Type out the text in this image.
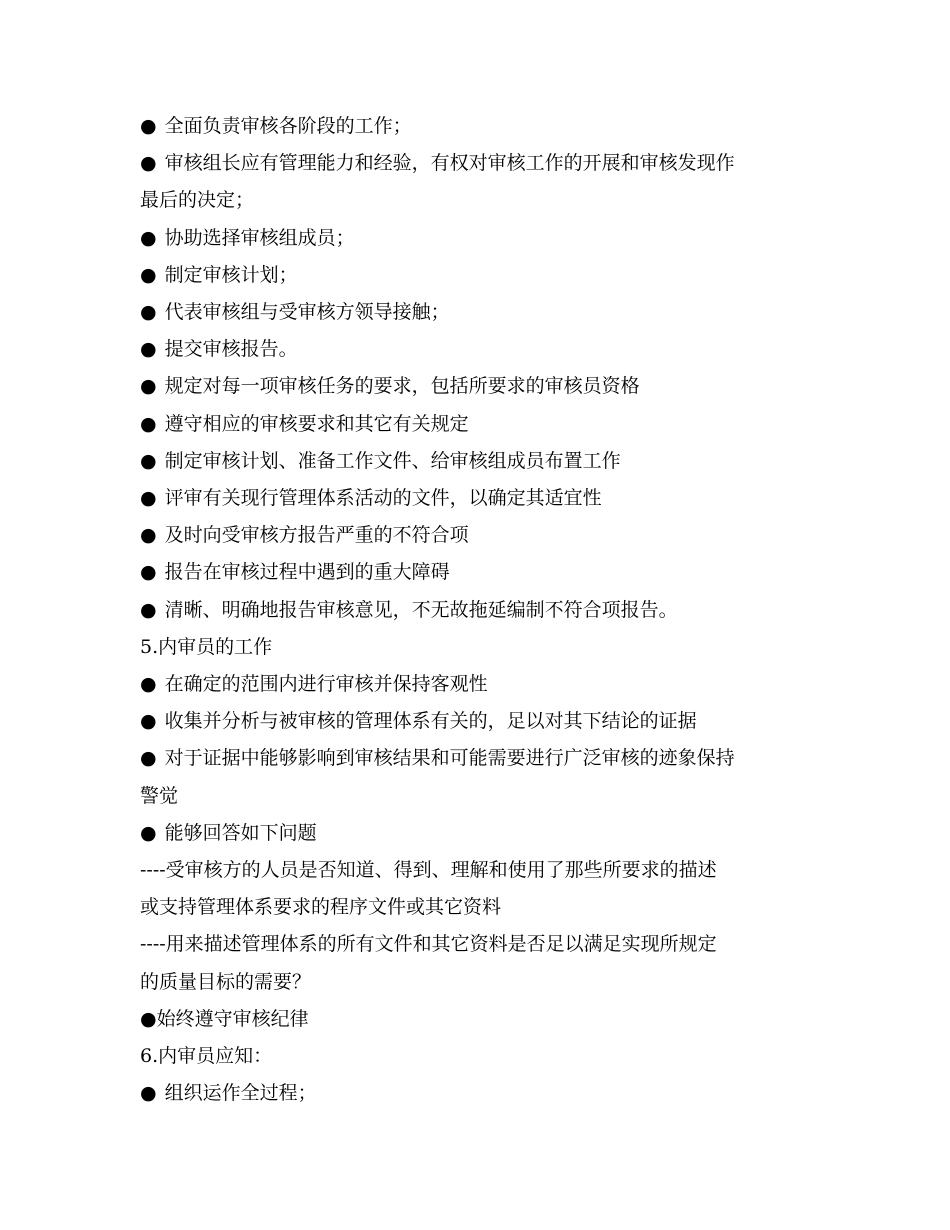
● 全面负责审核各阶段的工作；
● 审核组长应有管理能力和经验，有权对审核工作的开展和审核发现作
最后的决定；
● 协助选择审核组成员；
● 制定审核计划；
● 代表审核组与受审核方领导接触；
● 提交审核报告。
● 规定对每一项审核任务的要求，包括所要求的审核员资格
● 遵守相应的审核要求和其它有关规定
● 制定审核计划、准备工作文件、给审核组成员布置工作
● 评审有关现行管理体系活动的文件，以确定其适宜性
● 及时向受审核方报告严重的不符合项
● 报告在审核过程中遇到的重大障碍
● 清晰、明确地报告审核意见，不无故拖延编制不符合项报告。
5.内审员的工作
● 在确定的范围内进行审核并保持客观性
● 收集并分析与被审核的管理体系有关的，足以对其下结论的证据
● 对于证据中能够影响到审核结果和可能需要进行广泛审核的迹象保持
警觉
● 能够回答如下问题
----受审核方的人员是否知道、得到、理解和使用了那些所要求的描述
或支持管理体系要求的程序文件或其它资料
----用来描述管理体系的所有文件和其它资料是否足以满足实现所规定
的质量目标的需要？
●始终遵守审核纪律
6.内审员应知：
● 组织运作全过程；
